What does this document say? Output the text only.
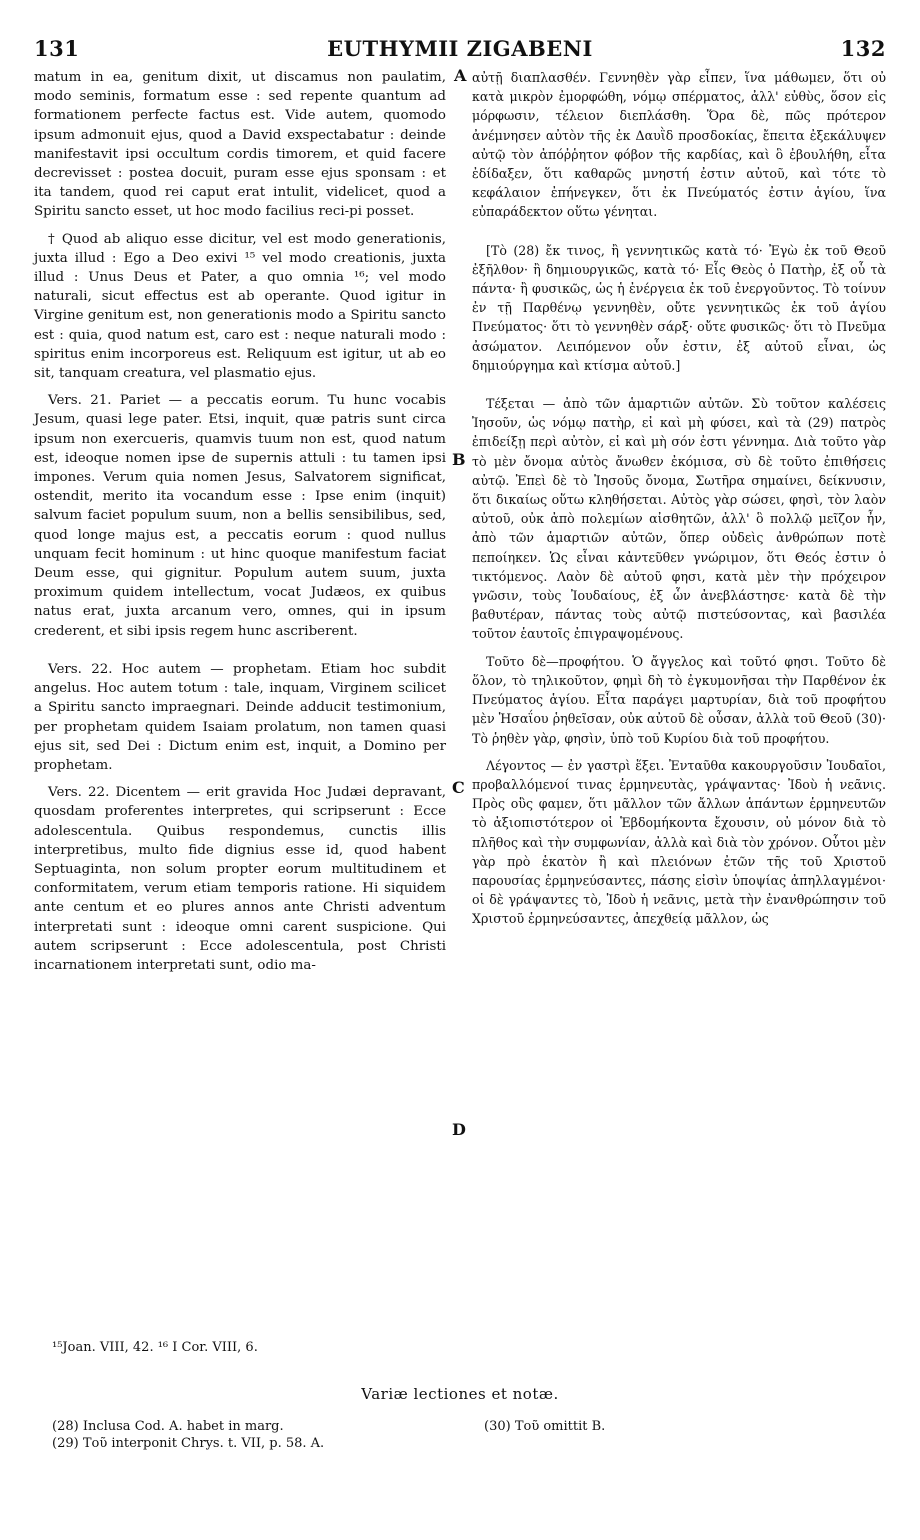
131	EUTHYMII ZIGABENI	132

matum in ea, genitum dixit, ut discamus non paulatim, modo seminis, formatum esse : sed repente quantum ad formationem perfecte factus est. Vide autem, quomodo ipsum admonuit ejus, quod a David exspectabatur : deinde manifestavit ipsi occultum cordis timorem, et quid facere decrevisset : postea docuit, puram esse ejus sponsam : et ita tandem, quod rei caput erat intulit, videlicet, quod a Spiritu sancto esset, ut hoc modo facilius reci-pi posset.

† Quod ab aliquo esse dicitur, vel est modo generationis, juxta illud : Ego a Deo exivi ¹⁵ vel modo creationis, juxta illud : Unus Deus et Pater, a quo omnia ¹⁶; vel modo naturali, sicut effectus est ab operante. Quod igitur in Virgine genitum est, non generationis modo a Spiritu sancto est : quia, quod natum est, caro est : neque naturali modo : spiritus enim incorporeus est. Reliquum est igitur, ut ab eo sit, tanquam creatura, vel plasmatio ejus.

Vers. 21. Pariet — a peccatis eorum. Tu hunc vocabis Jesum, quasi lege pater. Etsi, inquit, quæ patris sunt circa ipsum non exercueris, quamvis tuum non est, quod natum est, ideoque nomen ipse de supernis attuli : tu tamen ipsi impones. Verum quia nomen Jesus, Salvatorem significat, ostendit, merito ita vocandum esse : Ipse enim (inquit) salvum faciet populum suum, non a bellis sensibilibus, sed, quod longe majus est, a peccatis eorum : quod nullus unquam fecit hominum : ut hinc quoque manifestum faciat Deum esse, qui gignitur. Populum autem suum, juxta proximum quidem intellectum, vocat Judæos, ex quibus natus erat, juxta arcanum vero, omnes, qui in ipsum crederent, et sibi ipsis regem hunc ascriberent.

Vers. 22. Hoc autem — prophetam. Etiam hoc subdit angelus. Hoc autem totum : tale, inquam, Virginem scilicet a Spiritu sancto impraegnari. Deinde adducit testimonium, per prophetam quidem Isaiam prolatum, non tamen quasi ejus sit, sed Dei : Dictum enim est, inquit, a Domino per prophetam.

Vers. 22. Dicentem — erit gravida Hoc Judæi depravant, quosdam proferentes interpretes, qui scripserunt : Ecce adolescentula. Quibus respondemus, cunctis illis interpretibus, multo fide dignius esse id, quod habent Septuaginta, non solum propter eorum multitudinem et conformitatem, verum etiam temporis ratione. Hi siquidem ante centum et eo plures annos ante Christi adventum interpretati sunt : ideoque omni carent suspicione. Qui autem scripserunt : Ecce adolescentula, post Christi incarnationem interpretati sunt, odio ma-

αὐτῇ διαπλασθέν. Γεννηθὲν γὰρ εἶπεν, ἵνα μάθωμεν, ὅτι οὐ κατὰ μικρὸν ἐμορφώθη, νόμῳ σπέρματος, ἀλλ' εὐθὺς, ὅσον εἰς μόρφωσιν, τέλειον διεπλάσθη. Ὅρα δὲ, πῶς πρότερον ἀνέμνησεν αὐτὸν τῆς ἐκ Δαυῒδ προσδοκίας, ἔπειτα ἐξεκάλυψεν αὐτῷ τὸν ἀπόῤῥητον φόβον τῆς καρδίας, καὶ ὃ ἐβουλήθη, εἶτα ἐδίδαξεν, ὅτι καθαρῶς μνηστή ἐστιν αὐτοῦ, καὶ τότε τὸ κεφάλαιον ἐπήνεγκεν, ὅτι ἐκ Πνεύματός ἐστιν ἁγίου, ἵνα εὐπαράδεκτον οὕτω γένηται.

[Τὸ (28) ἔκ τινος, ἢ γεννητικῶς κατὰ τό· Ἐγὼ ἐκ τοῦ Θεοῦ ἐξῆλθον· ἢ δημιουργικῶς, κατὰ τό· Εἷς Θεὸς ὁ Πατὴρ, ἐξ οὗ τὰ πάντα· ἢ φυσικῶς, ὡς ἡ ἐνέργεια ἐκ τοῦ ἐνεργοῦντος. Τὸ τοίνυν ἐν τῇ Παρθένῳ γεννηθὲν, οὔτε γεννητικῶς ἐκ τοῦ ἁγίου Πνεύματος· ὅτι τὸ γεννηθὲν σάρξ· οὔτε φυσικῶς· ὅτι τὸ Πνεῦμα ἀσώματον. Λειπόμενον οὖν ἐστιν, ἐξ αὐτοῦ εἶναι, ὡς δημιούργημα καὶ κτίσμα αὐτοῦ.]

Τέξεται — ἀπὸ τῶν ἁμαρτιῶν αὐτῶν. Σὺ τοῦτον καλέσεις Ἰησοῦν, ὡς νόμῳ πατὴρ, εἰ καὶ μὴ φύσει, καὶ τὰ (29) πατρὸς ἐπιδείξῃ περὶ αὐτὸν, εἰ καὶ μὴ σόν ἐστι γέννημα. Διὰ τοῦτο γὰρ τὸ μὲν ὄνομα αὐτὸς ἄνωθεν ἐκόμισα, σὺ δὲ τοῦτο ἐπιθήσεις αὐτῷ. Ἐπεὶ δὲ τὸ Ἰησοῦς ὄνομα, Σωτῆρα σημαίνει, δείκνυσιν, ὅτι δικαίως οὕτω κληθήσεται. Αὐτὸς γὰρ σώσει, φησὶ, τὸν λαὸν αὐτοῦ, οὐκ ἀπὸ πολεμίων αἰσθητῶν, ἀλλ' ὃ πολλῷ μεῖζον ἦν, ἀπὸ τῶν ἁμαρτιῶν αὐτῶν, ὅπερ οὐδεὶς ἀνθρώπων ποτὲ πεποίηκεν. Ὡς εἶναι κἀντεῦθεν γνώριμον, ὅτι Θεός ἐστιν ὁ τικτόμενος. Λαὸν δὲ αὐτοῦ φησι, κατὰ μὲν τὴν πρόχειρον γνῶσιν, τοὺς Ἰουδαίους, ἐξ ὧν ἀνεβλάστησε· κατὰ δὲ τὴν βαθυτέραν, πάντας τοὺς αὐτῷ πιστεύσοντας, καὶ βασιλέα τοῦτον ἑαυτοῖς ἐπιγραψομένους.

Τοῦτο δὲ—προφήτου. Ὁ ἄγγελος καὶ τοῦτό φησι. Τοῦτο δὲ ὅλον, τὸ τηλικοῦτον, φημὶ δὴ τὸ ἐγκυμονῆσαι τὴν Παρθένον ἐκ Πνεύματος ἁγίου. Εἶτα παράγει μαρτυρίαν, διὰ τοῦ προφήτου μὲν Ἡσαΐου ῥηθεῖσαν, οὐκ αὐτοῦ δὲ οὖσαν, ἀλλὰ τοῦ Θεοῦ (30)· Τὸ ῥηθὲν γὰρ, φησὶν, ὑπὸ τοῦ Κυρίου διὰ τοῦ προφήτου.

Λέγοντος — ἐν γαστρὶ ἕξει. Ἐνταῦθα κακουργοῦσιν Ἰουδαῖοι, προβαλλόμενοί τινας ἑρμηνευτὰς, γράψαντας· Ἰδοὺ ἡ νεᾶνις. Πρὸς οὓς φαμεν, ὅτι μᾶλλον τῶν ἄλλων ἁπάντων ἑρμηνευτῶν τὸ ἀξιοπιστότερον οἱ Ἑβδομήκοντα ἔχουσιν, οὐ μόνον διὰ τὸ πλῆθος καὶ τὴν συμφωνίαν, ἀλλὰ καὶ διὰ τὸν χρόνον. Οὗτοι μὲν γὰρ πρὸ ἑκατὸν ἢ καὶ πλειόνων ἐτῶν τῆς τοῦ Χριστοῦ παρουσίας ἑρμηνεύσαντες, πάσης εἰσὶν ὑποψίας ἀπηλλαγμένοι· οἱ δὲ γράψαντες τὸ, Ἰδοὺ ἡ νεᾶνις, μετὰ τὴν ἐνανθρώπησιν τοῦ Χριστοῦ ἑρμηνεύσαντες, ἀπεχθείᾳ μᾶλλον, ὡς

A
B
C
D
¹⁵Joan. VIII, 42. ¹⁶ I Cor. VIII, 6.
Variæ lectiones et notæ.
(28) Inclusa Cod. A. habet in marg.
(29) Τοῦ interponit Chrys. t. VII, p. 58. A.
(30) Τοῦ omittit B.
